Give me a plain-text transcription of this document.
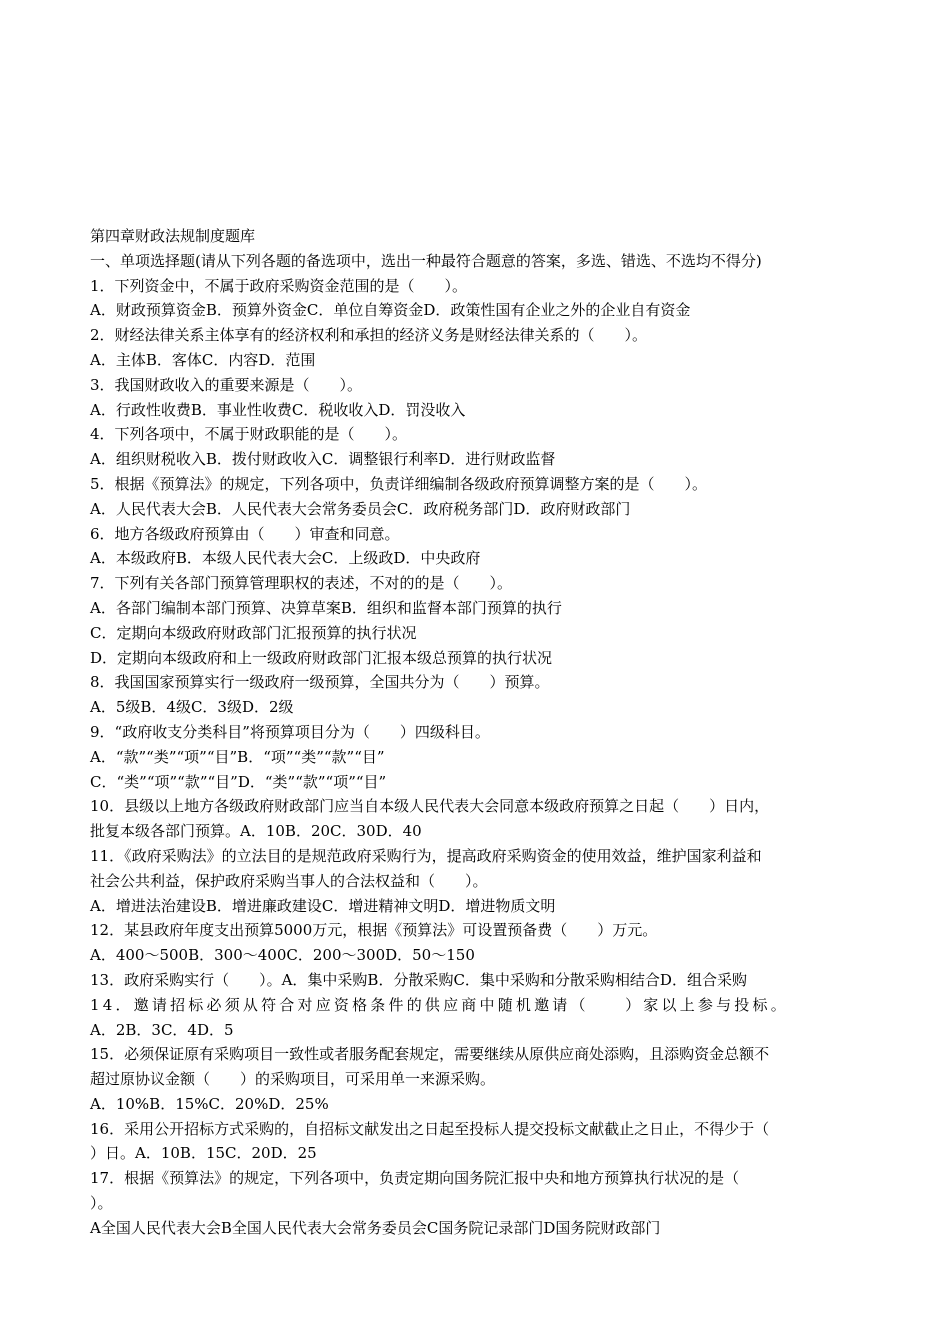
第四章财政法规制度题库
一、单项选择题(请从下列各题的备选项中，选出一种最符合题意的答案，多选、错选、不选均不得分)
1．下列资金中，不属于政府采购资金范围的是（　　）。
A．财政预算资金B．预算外资金C．单位自筹资金D．政策性国有企业之外的企业自有资金
2．财经法律关系主体享有的经济权利和承担的经济义务是财经法律关系的（　　）。
A．主体B．客体C．内容D．范围
3．我国财政收入的重要来源是（　　）。
A．行政性收费B．事业性收费C．税收收入D．罚没收入
4．下列各项中，不属于财政职能的是（　　）。
A．组织财税收入B．拨付财政收入C．调整银行利率D．进行财政监督
5．根据《预算法》的规定，下列各项中，负责详细编制各级政府预算调整方案的是（　　）。
A．人民代表大会B．人民代表大会常务委员会C．政府税务部门D．政府财政部门
6．地方各级政府预算由（　　）审查和同意。
A．本级政府B．本级人民代表大会C．上级政D．中央政府
7．下列有关各部门预算管理职权的表述，不对的的是（　　）。
A．各部门编制本部门预算、决算草案B．组织和监督本部门预算的执行
C．定期向本级政府财政部门汇报预算的执行状况
D．定期向本级政府和上一级政府财政部门汇报本级总预算的执行状况
8．我国国家预算实行一级政府一级预算，全国共分为（　　）预算。
A．5级B．4级C．3级D．2级
9．“政府收支分类科目”将预算项目分为（　　）四级科目。
A．“款”“类”“项”“目”B．“项”“类”“款”“目”
C．“类”“项”“款”“目”D．“类”“款”“项”“目”
10．县级以上地方各级政府财政部门应当自本级人民代表大会同意本级政府预算之日起（　　）日内，
批复本级各部门预算。A．10B．20C．30D．40
11．《政府采购法》的立法目的是规范政府采购行为，提高政府采购资金的使用效益，维护国家利益和
社会公共利益，保护政府采购当事人的合法权益和（　　）。
A．增进法治建设B．增进廉政建设C．增进精神文明D．增进物质文明
12．某县政府年度支出预算5000万元，根据《预算法》可设置预备费（　　）万元。
A．400～500B．300～400C．200～300D．50～150
13．政府采购实行（　　）。A．集中采购B．分散采购C．集中采购和分散采购相结合D．组合采购
14．邀请招标必须从符合对应资格条件的供应商中随机邀请（　　）家以上参与投标。
A．2B．3C．4D．5
15．必须保证原有采购项目一致性或者服务配套规定，需要继续从原供应商处添购，且添购资金总额不
超过原协议金额（　　）的采购项目，可采用单一来源采购。
A．10%B．15%C．20%D．25%
16．采用公开招标方式采购的，自招标文献发出之日起至投标人提交投标文献截止之日止，不得少于（
）日。A．10B．15C．20D．25
17．根据《预算法》的规定，下列各项中，负责定期向国务院汇报中央和地方预算执行状况的是（
）。
A全国人民代表大会B全国人民代表大会常务委员会C国务院记录部门D国务院财政部门
